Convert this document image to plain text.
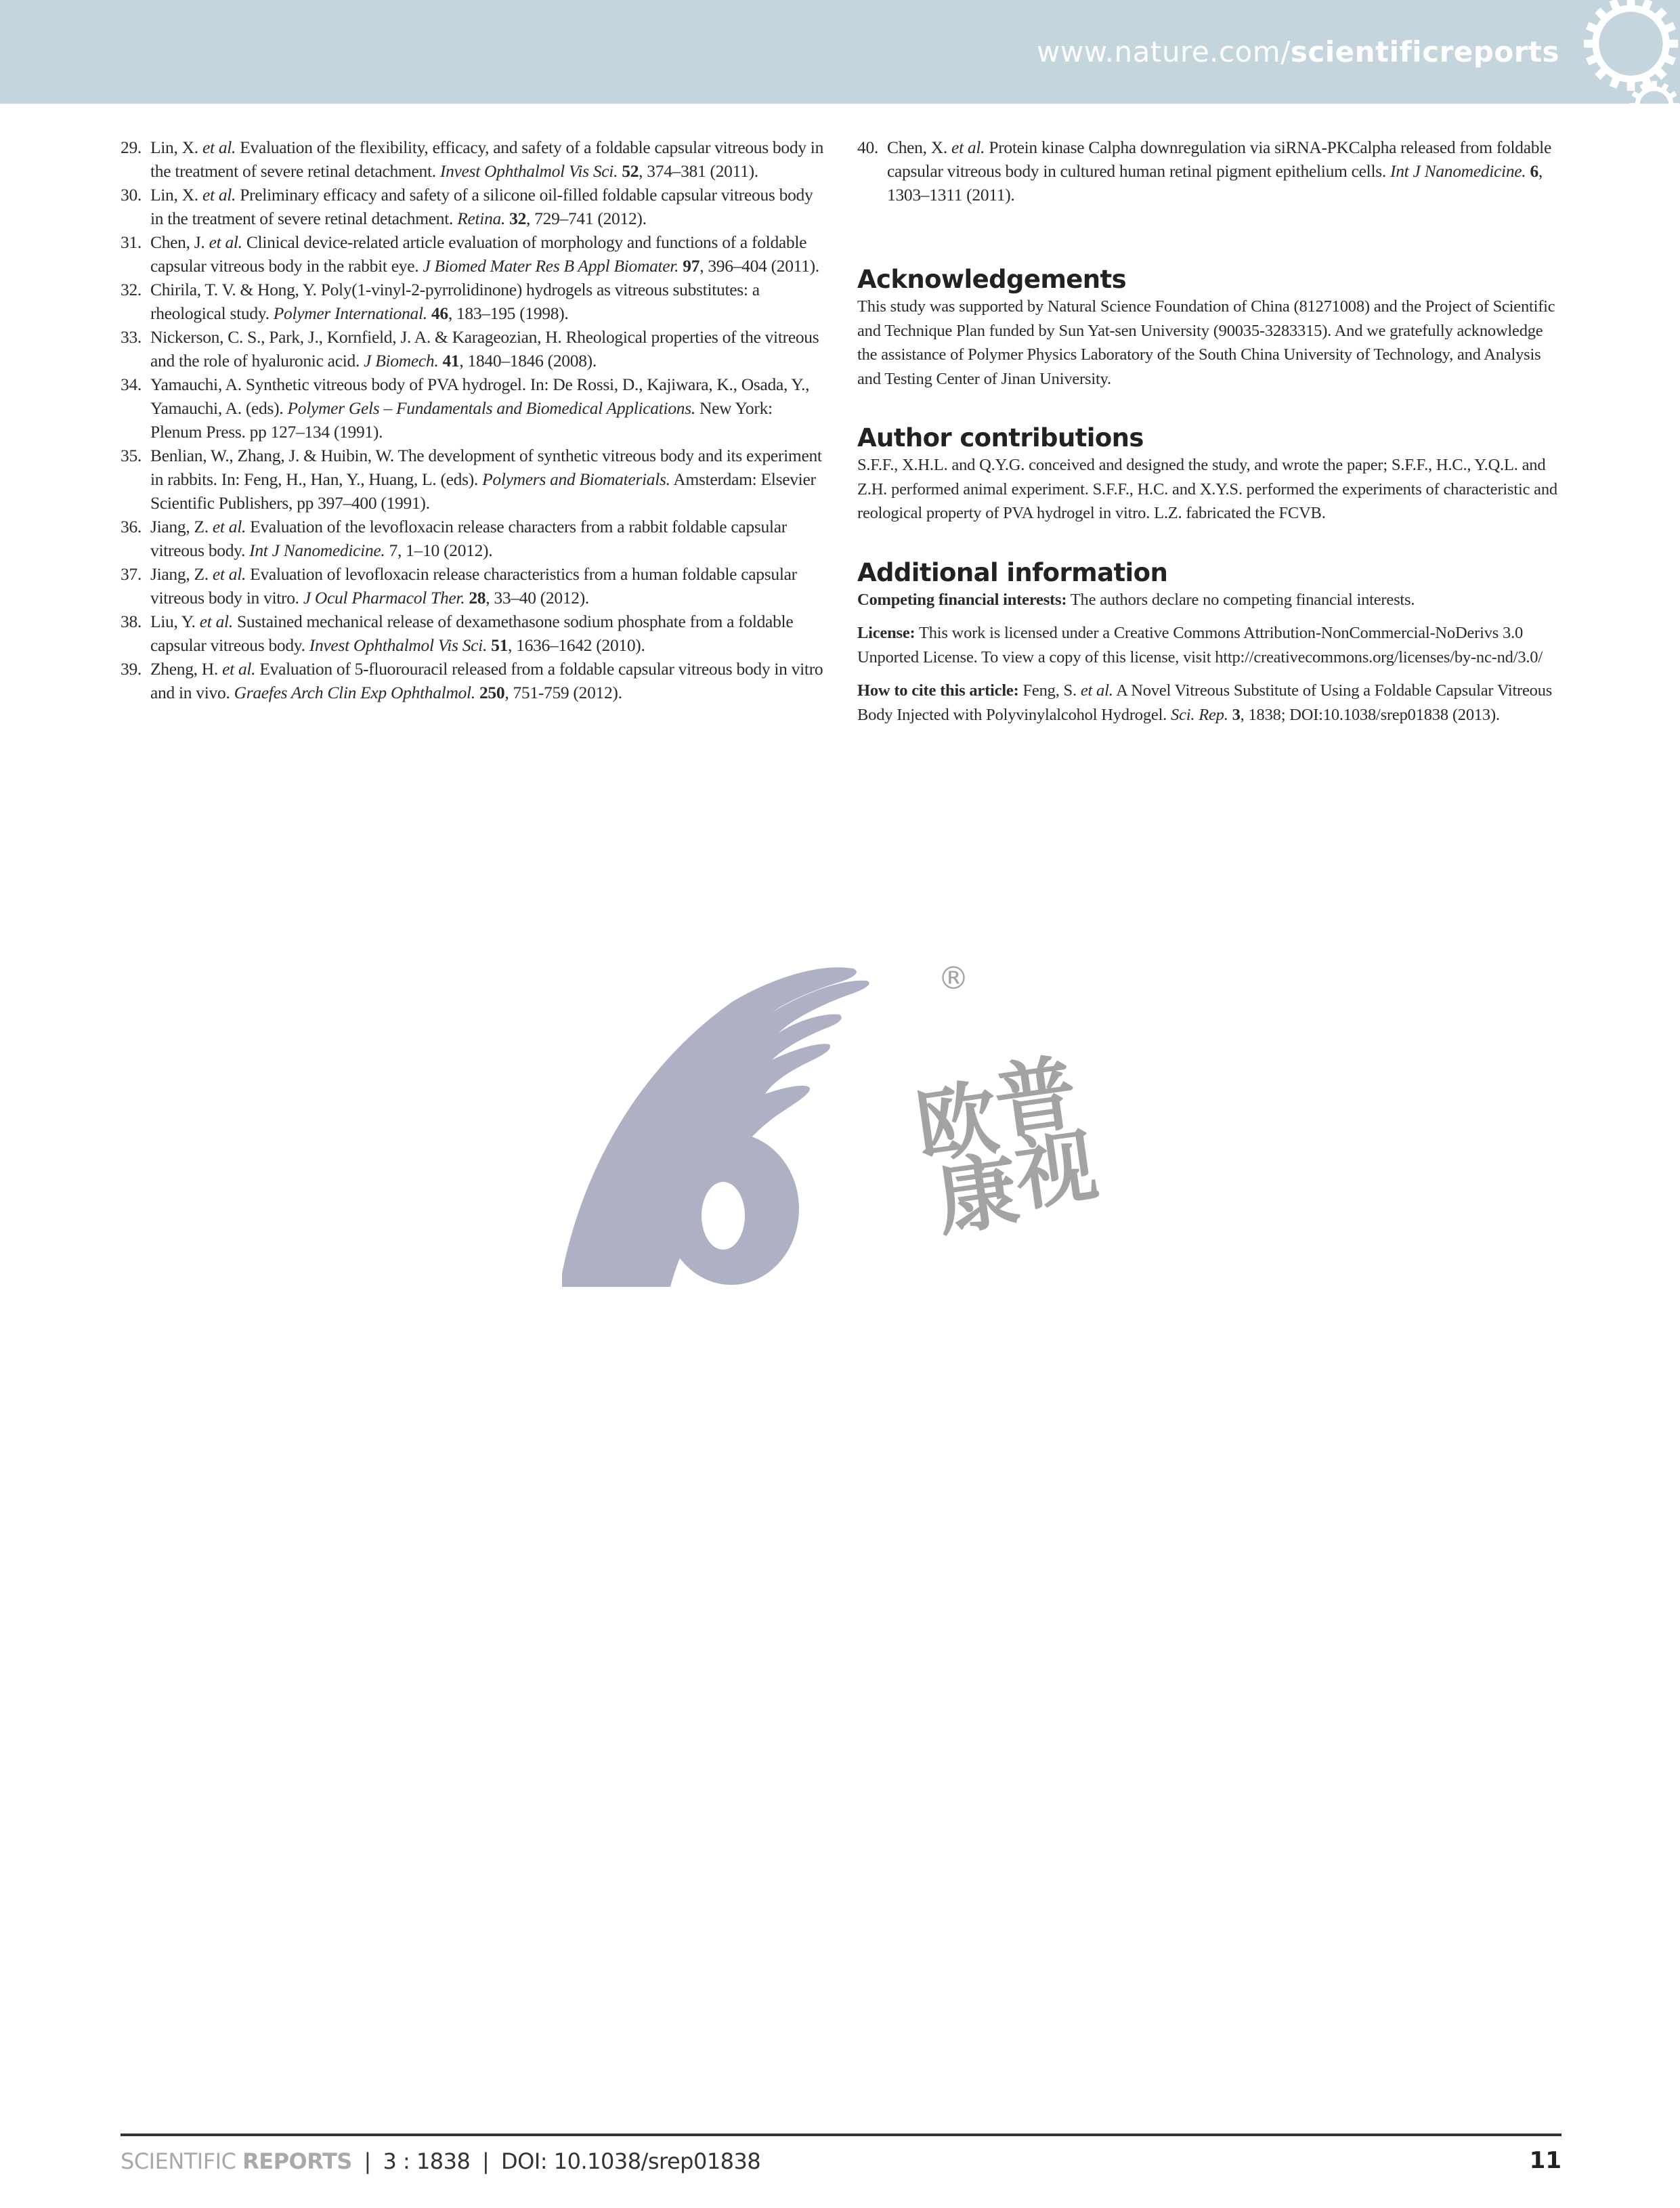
www.nature.com/scientificreports
29. Lin, X. et al. Evaluation of the flexibility, efficacy, and safety of a foldable capsular vitreous body in the treatment of severe retinal detachment. Invest Ophthalmol Vis Sci. 52, 374–381 (2011).
30. Lin, X. et al. Preliminary efficacy and safety of a silicone oil-filled foldable capsular vitreous body in the treatment of severe retinal detachment. Retina. 32, 729–741 (2012).
31. Chen, J. et al. Clinical device-related article evaluation of morphology and functions of a foldable capsular vitreous body in the rabbit eye. J Biomed Mater Res B Appl Biomater. 97, 396–404 (2011).
32. Chirila, T. V. & Hong, Y. Poly(1-vinyl-2-pyrrolidinone) hydrogels as vitreous substitutes: a rheological study. Polymer International. 46, 183–195 (1998).
33. Nickerson, C. S., Park, J., Kornfield, J. A. & Karageozian, H. Rheological properties of the vitreous and the role of hyaluronic acid. J Biomech. 41, 1840–1846 (2008).
34. Yamauchi, A. Synthetic vitreous body of PVA hydrogel. In: De Rossi, D., Kajiwara, K., Osada, Y., Yamauchi, A. (eds). Polymer Gels – Fundamentals and Biomedical Applications. New York: Plenum Press. pp 127–134 (1991).
35. Benlian, W., Zhang, J. & Huibin, W. The development of synthetic vitreous body and its experiment in rabbits. In: Feng, H., Han, Y., Huang, L. (eds). Polymers and Biomaterials. Amsterdam: Elsevier Scientific Publishers, pp 397–400 (1991).
36. Jiang, Z. et al. Evaluation of the levofloxacin release characters from a rabbit foldable capsular vitreous body. Int J Nanomedicine. 7, 1–10 (2012).
37. Jiang, Z. et al. Evaluation of levofloxacin release characteristics from a human foldable capsular vitreous body in vitro. J Ocul Pharmacol Ther. 28, 33–40 (2012).
38. Liu, Y. et al. Sustained mechanical release of dexamethasone sodium phosphate from a foldable capsular vitreous body. Invest Ophthalmol Vis Sci. 51, 1636–1642 (2010).
39. Zheng, H. et al. Evaluation of 5-fluorouracil released from a foldable capsular vitreous body in vitro and in vivo. Graefes Arch Clin Exp Ophthalmol. 250, 751-759 (2012).
40. Chen, X. et al. Protein kinase Calpha downregulation via siRNA-PKCalpha released from foldable capsular vitreous body in cultured human retinal pigment epithelium cells. Int J Nanomedicine. 6, 1303–1311 (2011).
Acknowledgements

This study was supported by Natural Science Foundation of China (81271008) and the Project of Scientific and Technique Plan funded by Sun Yat-sen University (90035-3283315). And we gratefully acknowledge the assistance of Polymer Physics Laboratory of the South China University of Technology, and Analysis and Testing Center of Jinan University.

Author contributions

S.F.F., X.H.L. and Q.Y.G. conceived and designed the study, and wrote the paper; S.F.F., H.C., Y.Q.L. and Z.H. performed animal experiment. S.F.F., H.C. and X.Y.S. performed the experiments of characteristic and reological property of PVA hydrogel in vitro. L.Z. fabricated the FCVB.

Additional information

Competing financial interests: The authors declare no competing financial interests.

License: This work is licensed under a Creative Commons Attribution-NonCommercial-NoDerivs 3.0 Unported License. To view a copy of this license, visit http://creativecommons.org/licenses/by-nc-nd/3.0/

How to cite this article: Feng, S. et al. A Novel Vitreous Substitute of Using a Foldable Capsular Vitreous Body Injected with Polyvinylalcohol Hydrogel. Sci. Rep. 3, 1838; DOI:10.1038/srep01838 (2013).

®
欧
普
康
视
SCIENTIFIC REPORTS | 3 : 1838 | DOI: 10.1038/srep01838	11
